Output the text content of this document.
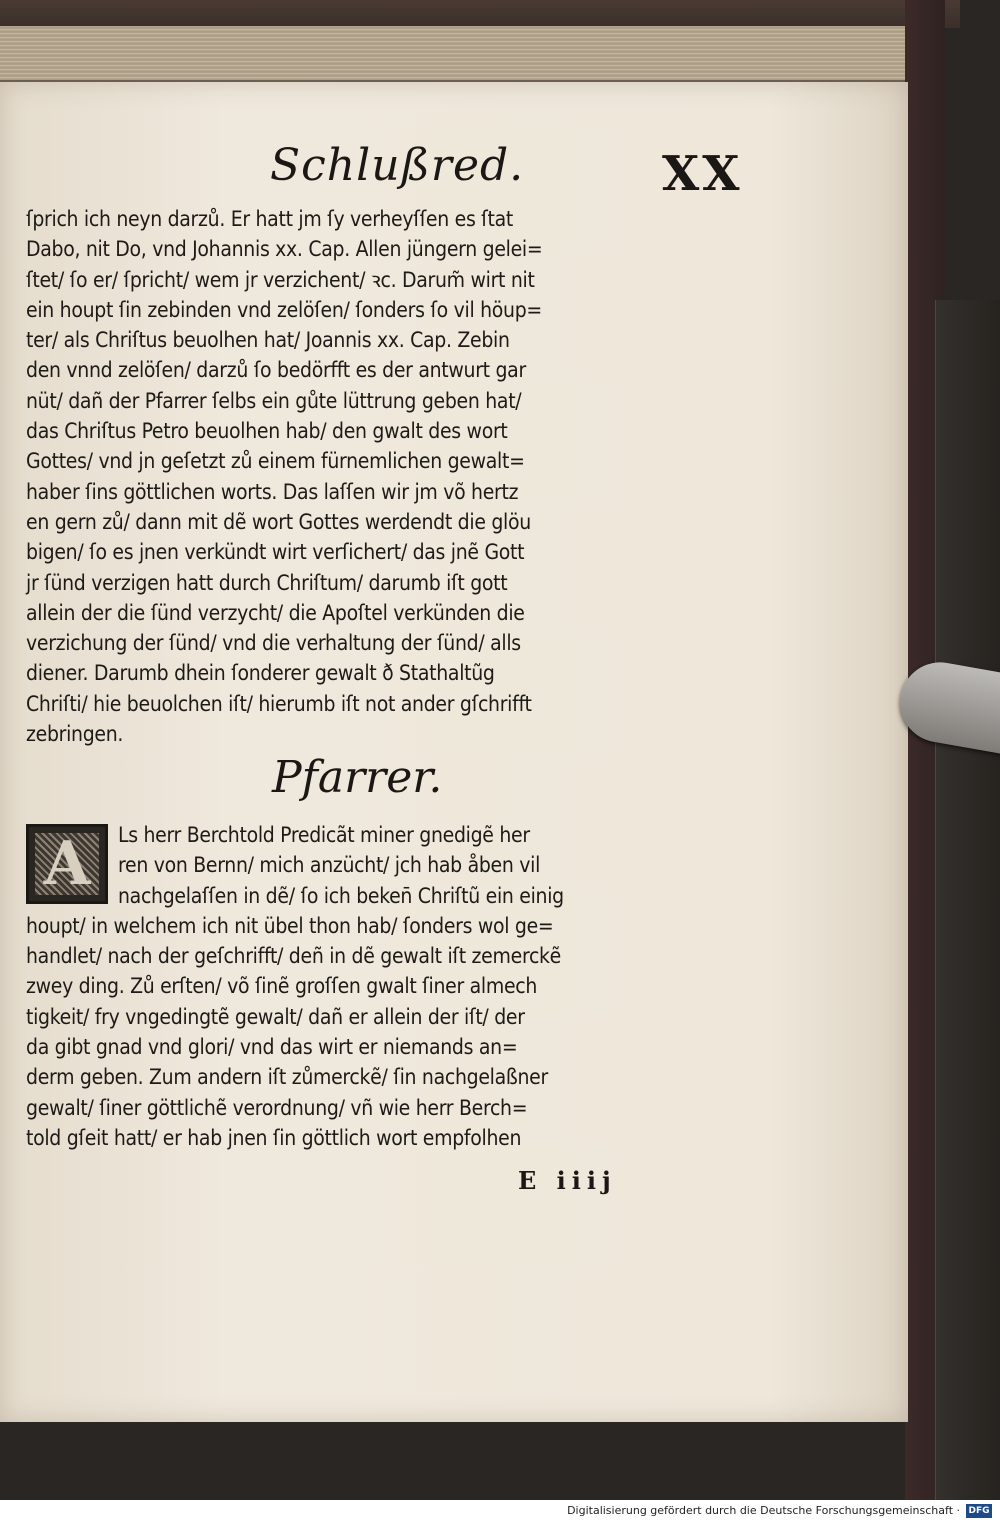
Schlußred.	XX
ſprich ich neyn darzů. Er hatt jm ſy verheyſſen es ſtat
Dabo, nit Do, vnd Johannis xx. Cap. Allen jüngern gelei=
ſtet/ ſo er/ ſpricht/ wem jr verzichent/ ꝛc. Darum̃ wirt nit
ein houpt ſin zebinden vnd zelöſen/ ſonders ſo vil höup=
ter/ als Chriſtus beuolhen hat/ Joannis xx. Cap. Zebin
den vnnd zelöſen/ darzů ſo bedörfft es der antwurt gar
nüt/ dañ der Pfarrer ſelbs ein gůte lüttrung geben hat/
das Chriſtus Petro beuolhen hab/ den gwalt des wort
Gottes/ vnd jn geſetzt zů einem fürnemlichen gewalt=
haber ſins göttlichen worts. Das laſſen wir jm võ hertz
en gern zů/ dann mit dẽ wort Gottes werdendt die glöu
bigen/ ſo es jnen verkündt wirt verſichert/ das jnẽ Gott
jr ſünd verzigen hatt durch Chriſtum/ darumb iſt gott
allein der die ſünd verzycht/ die Apoſtel verkünden die
verzichung der ſünd/ vnd die verhaltung der ſünd/ alls
diener. Darumb dhein ſonderer gewalt ð Stathaltũg
Chriſti/ hie beuolchen iſt/ hierumb iſt not ander gſchrifft
zebringen.
Pfarrer.
A	Ls herr Berchtold Predicãt miner gnedigẽ her
ren von Bernn/ mich anzücht/ jch hab åben vil
nachgelaſſen in dẽ/ ſo ich beken̄ Chriſtũ ein einig
houpt/ in welchem ich nit übel thon hab/ ſonders wol ge=
handlet/ nach der geſchrifft/ deñ in dẽ gewalt iſt zemerckẽ
zwey ding. Zů erſten/ võ ſinẽ groſſen gwalt ſiner almech
tigkeit/ fry vngedingtẽ gewalt/ dañ er allein der iſt/ der
da gibt gnad vnd glori/ vnd das wirt er niemands an=
derm geben. Zum andern iſt zůmerckẽ/ ſin nachgelaßner
gewalt/ ſiner göttlichẽ verordnung/ vñ wie herr Berch=
told gſeit hatt/ er hab jnen ſin göttlich wort empfolhen
E iiij
Digitalisierung gefördert durch die Deutsche Forschungsgemeinschaft · DFG
